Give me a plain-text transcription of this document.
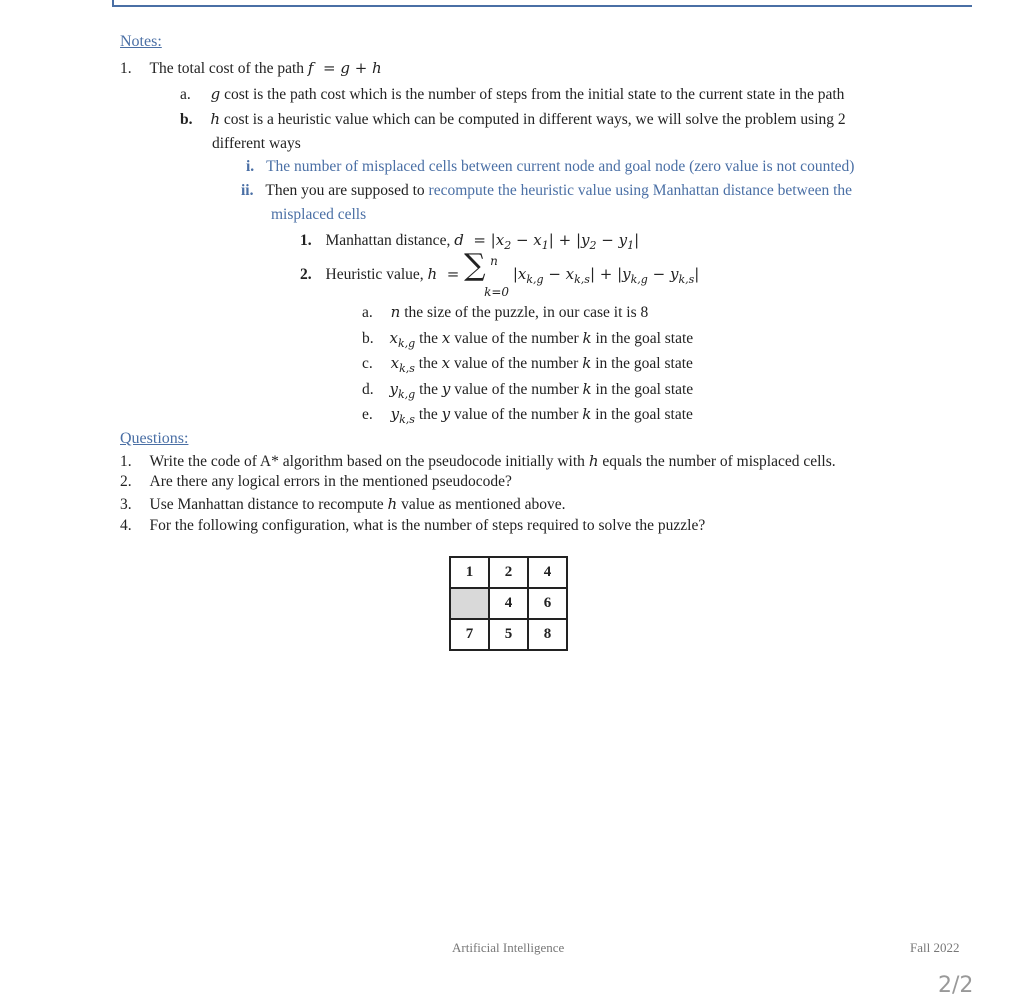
Notes:
1. The total cost of the path f  = g + h
a. g cost is the path cost which is the number of steps from the initial state to the current state in the path
b. h cost is a heuristic value which can be computed in different ways, we will solve the problem using 2
different ways
i. The number of misplaced cells between current node and goal node (zero value is not counted)
ii. Then you are supposed to recompute the heuristic value using Manhattan distance between the
misplaced cells
1. Manhattan distance, $d = |x_2 - x_1| + |y_2 - y_1|$
2. Heuristic value, h  = ∑ n
k=0
$|x_{k,g} - x_{k,s}| + |y_{k,g} - y_{k,s}|$
a. n the size of the puzzle, in our case it is 8
b. $x_{k,g}$ the x value of the number k in the goal state
c. $x_{k,s}$ the x value of the number k in the goal state
d. $y_{k,g}$ the y value of the number k in the goal state
e. $y_{k,s}$ the y value of the number k in the goal state
Questions:
1. Write the code of A* algorithm based on the pseudocode initially with h equals the number of misplaced cells.
2. Are there any logical errors in the mentioned pseudocode?
3. Use Manhattan distance to recompute h value as mentioned above.
4. For the following configuration, what is the number of steps required to solve the puzzle?
1	2	4
	4	6
7	5	8
Artificial Intelligence	Fall 2022
2/2
